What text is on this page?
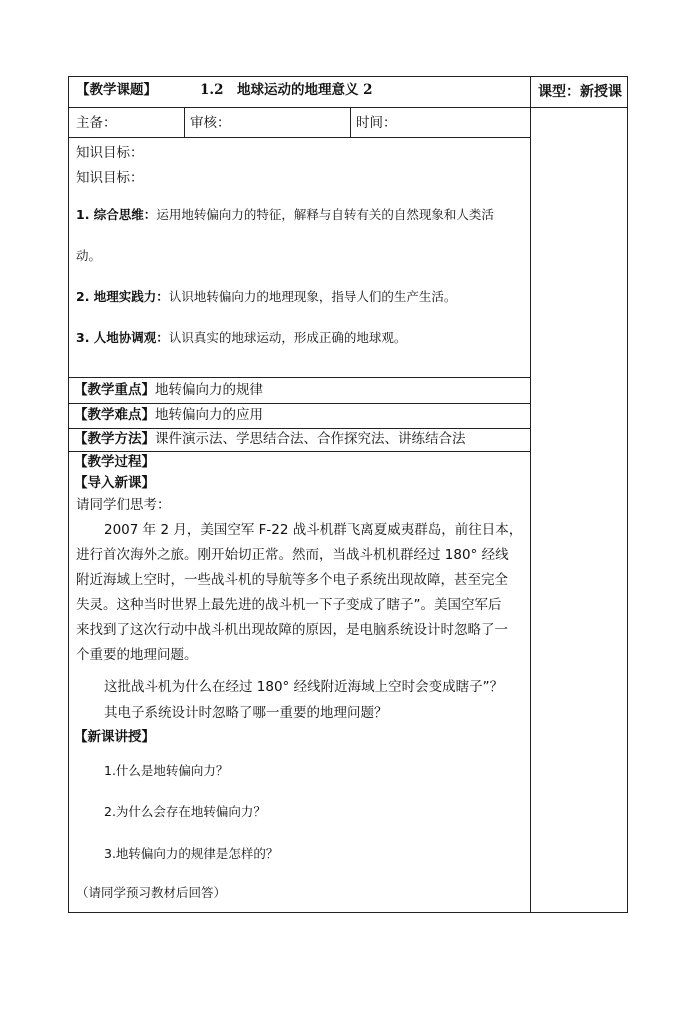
【教学课题】	1.2　地球运动的地理意义 2	课型：新授课
主备：	审核：	时间：
知识目标：
知识目标：
1. 综合思维：运用地转偏向力的特征，解释与自转有关的自然现象和人类活
动。
2. 地理实践力：认识地转偏向力的地理现象，指导人们的生产生活。
3. 人地协调观：认识真实的地球运动，形成正确的地球观。
【教学重点】地转偏向力的规律
【教学难点】地转偏向力的应用
【教学方法】课件演示法、学思结合法、合作探究法、讲练结合法
【教学过程】
【导入新课】
请同学们思考：
2007 年 2 月，美国空军 F-22 战斗机群飞离夏威夷群岛，前往日本，
进行首次海外之旅。刚开始切正常。然而，当战斗机机群经过 180° 经线
附近海域上空时，一些战斗机的导航等多个电子系统出现故障，甚至完全
失灵。这种当时世界上最先进的战斗机一下子变成了瞎子”。美国空军后
来找到了这次行动中战斗机出现故障的原因，是电脑系统设计时忽略了一
个重要的地理问题。
这批战斗机为什么在经过 180° 经线附近海域上空时会变成瞎子”？
其电子系统设计时忽略了哪一重要的地理问题？
【新课讲授】
1.什么是地转偏向力？
2.为什么会存在地转偏向力？
3.地转偏向力的规律是怎样的？
（请同学预习教材后回答）
